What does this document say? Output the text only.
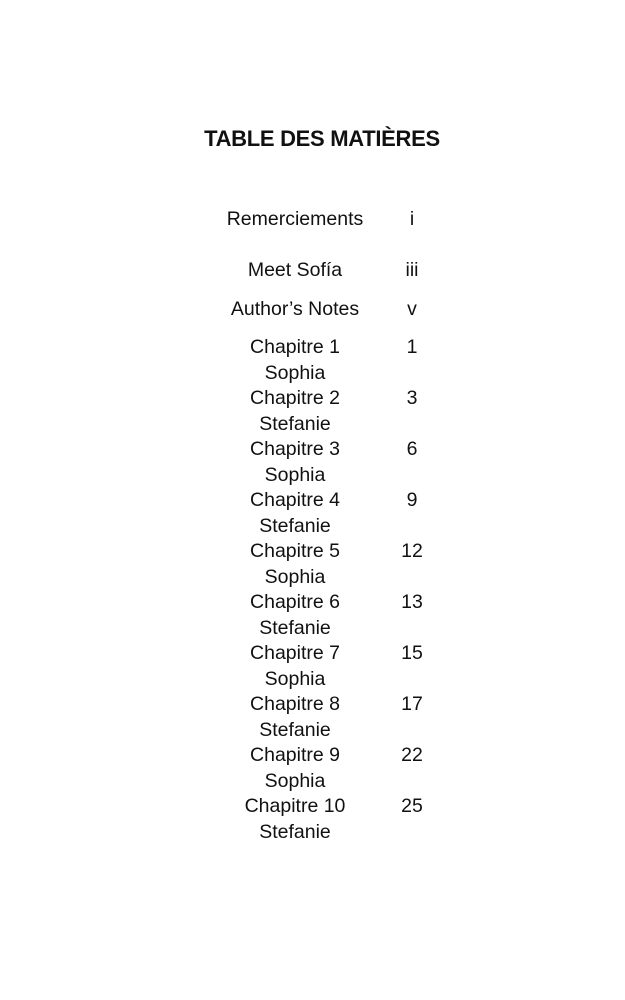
TABLE DES MATIÈRES
Remerciements	i
Meet Sofía	iii
Author’s Notes	v
Chapitre 1	1
Sophia
Chapitre 2	3
Stefanie
Chapitre 3	6
Sophia
Chapitre 4	9
Stefanie
Chapitre 5	12
Sophia
Chapitre 6	13
Stefanie
Chapitre 7	15
Sophia
Chapitre 8	17
Stefanie
Chapitre 9	22
Sophia
Chapitre 10	25
Stefanie
